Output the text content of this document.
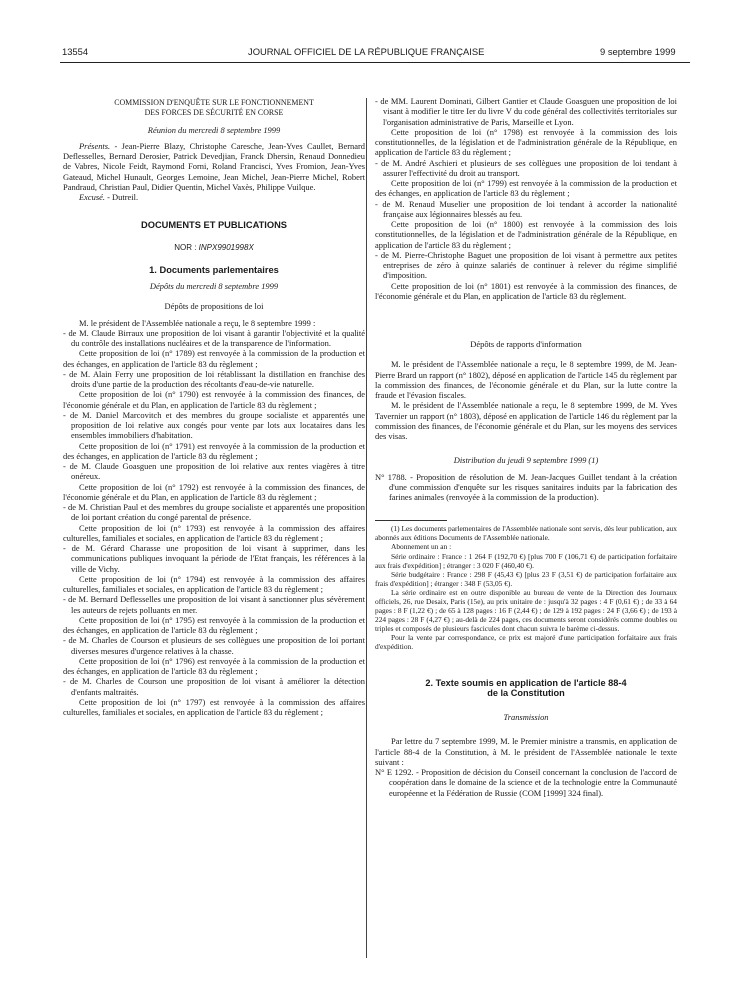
13554	JOURNAL OFFICIEL DE LA RÉPUBLIQUE FRANÇAISE	9 septembre 1999

COMMISSION D'ENQUÊTE SUR LE FONCTIONNEMENT

DES FORCES DE SÉCURITÉ EN CORSE

Réunion du mercredi 8 septembre 1999

Présents. - Jean-Pierre Blazy, Christophe Caresche, Jean-Yves Caullet, Bernard Deflesselles, Bernard Derosier, Patrick Devedjian, Franck Dhersin, Renaud Donnedieu de Vabres, Nicole Feidt, Raymond Forni, Roland Francisci, Yves Fromion, Jean-Yves Gateaud, Michel Hunault, Georges Lemoine, Jean Michel, Jean-Pierre Michel, Robert Pandraud, Christian Paul, Didier Quentin, Michel Vaxès, Philippe Vuilque.

Excusé. - Dutreil.

DOCUMENTS ET PUBLICATIONS

NOR : INPX9901998X

1. Documents parlementaires

Dépôts du mercredi 8 septembre 1999

Dépôts de propositions de loi

M. le président de l'Assemblée nationale a reçu, le 8 septembre 1999 :

- de M. Claude Birraux une proposition de loi visant à garantir l'objectivité et la qualité du contrôle des installations nucléaires et de la transparence de l'information.

Cette proposition de loi (n° 1789) est renvoyée à la commission de la production et des échanges, en application de l'article 83 du règlement ;

- de M. Alain Ferry une proposition de loi rétablissant la distillation en franchise des droits d'une partie de la production des récoltants d'eau-de-vie naturelle.

Cette proposition de loi (n° 1790) est renvoyée à la commission des finances, de l'économie générale et du Plan, en application de l'article 83 du règlement ;

- de M. Daniel Marcovitch et des membres du groupe socialiste et apparentés une proposition de loi relative aux congés pour vente par lots aux locataires dans les ensembles immobiliers d'habitation.

Cette proposition de loi (n° 1791) est renvoyée à la commission de la production et des échanges, en application de l'article 83 du règlement ;

- de M. Claude Goasguen une proposition de loi relative aux rentes viagères à titre onéreux.

Cette proposition de loi (n° 1792) est renvoyée à la commission des finances, de l'économie générale et du Plan, en application de l'article 83 du règlement ;

- de M. Christian Paul et des membres du groupe socialiste et apparentés une proposition de loi portant création du congé parental de présence.

Cette proposition de loi (n° 1793) est renvoyée à la commission des affaires culturelles, familiales et sociales, en application de l'article 83 du règlement ;

- de M. Gérard Charasse une proposition de loi visant à supprimer, dans les communications publiques invoquant la période de l'Etat français, les références à la ville de Vichy.

Cette proposition de loi (n° 1794) est renvoyée à la commission des affaires culturelles, familiales et sociales, en application de l'article 83 du règlement ;

- de M. Bernard Deflesselles une proposition de loi visant à sanctionner plus sévèrement les auteurs de rejets polluants en mer.

Cette proposition de loi (n° 1795) est renvoyée à la commission de la production et des échanges, en application de l'article 83 du règlement ;

- de M. Charles de Courson et plusieurs de ses collègues une proposition de loi portant diverses mesures d'urgence relatives à la chasse.

Cette proposition de loi (n° 1796) est renvoyée à la commission de la production et des échanges, en application de l'article 83 du règlement ;

- de M. Charles de Courson une proposition de loi visant à améliorer la détection d'enfants maltraités.

Cette proposition de loi (n° 1797) est renvoyée à la commission des affaires culturelles, familiales et sociales, en application de l'article 83 du règlement ;

- de MM. Laurent Dominati, Gilbert Gantier et Claude Goasguen une proposition de loi visant à modifier le titre Ier du livre V du code général des collectivités territoriales sur l'organisation administrative de Paris, Marseille et Lyon.

Cette proposition de loi (n° 1798) est renvoyée à la commission des lois constitutionnelles, de la législation et de l'administration générale de la République, en application de l'article 83 du règlement ;

- de M. André Aschieri et plusieurs de ses collègues une proposition de loi tendant à assurer l'effectivité du droit au transport.

Cette proposition de loi (n° 1799) est renvoyée à la commission de la production et des échanges, en application de l'article 83 du règlement ;

- de M. Renaud Muselier une proposition de loi tendant à accorder la nationalité française aux légionnaires blessés au feu.

Cette proposition de loi (n° 1800) est renvoyée à la commission des lois constitutionnelles, de la législation et de l'administration générale de la République, en application de l'article 83 du règlement ;

- de M. Pierre-Christophe Baguet une proposition de loi visant à permettre aux petites entreprises de zéro à quinze salariés de continuer à relever du régime simplifié d'imposition.

Cette proposition de loi (n° 1801) est renvoyée à la commission des finances, de l'économie générale et du Plan, en application de l'article 83 du règlement.

Dépôts de rapports d'information

M. le président de l'Assemblée nationale a reçu, le 8 septembre 1999, de M. Jean-Pierre Brard un rapport (n° 1802), déposé en application de l'article 145 du règlement par la commission des finances, de l'économie générale et du Plan, sur la lutte contre la fraude et l'évasion fiscales.

M. le président de l'Assemblée nationale a reçu, le 8 septembre 1999, de M. Yves Tavernier un rapport (n° 1803), déposé en application de l'article 146 du règlement par la commission des finances, de l'économie générale et du Plan, sur les moyens des services des visas.

Distribution du jeudi 9 septembre 1999 (1)

N° 1788. - Proposition de résolution de M. Jean-Jacques Guillet tendant à la création d'une commission d'enquête sur les risques sanitaires induits par la fabrication des farines animales (renvoyée à la commission de la production).

(1) Les documents parlementaires de l'Assemblée nationale sont servis, dès leur publication, aux abonnés aux éditions Documents de l'Assemblée nationale.

Abonnement un an :

Série ordinaire : France : 1 264 F (192,70 €) [plus 700 F (106,71 €) de participation forfaitaire aux frais d'expédition] ; étranger : 3 020 F (460,40 €).

Série budgétaire : France : 298 F (45,43 €) [plus 23 F (3,51 €) de participation forfaitaire aux frais d'expédition] ; étranger : 348 F (53,05 €).

La série ordinaire est en outre disponible au bureau de vente de la Direction des Journaux officiels, 26, rue Desaix, Paris (15e), au prix unitaire de : jusqu'à 32 pages : 4 F (0,61 €) ; de 33 à 64 pages : 8 F (1,22 €) ; de 65 à 128 pages : 16 F (2,44 €) ; de 129 à 192 pages : 24 F (3,66 €) ; de 193 à 224 pages : 28 F (4,27 €) ; au-delà de 224 pages, ces documents seront considérés comme doubles ou triples et composés de plusieurs fascicules dont chacun suivra le barème ci-dessus.

Pour la vente par correspondance, ce prix est majoré d'une participation forfaitaire aux frais d'expédition.

2. Texte soumis en application de l'article 88-4

de la Constitution

Transmission

Par lettre du 7 septembre 1999, M. le Premier ministre a transmis, en application de l'article 88-4 de la Constitution, à M. le président de l'Assemblée nationale le texte suivant :

N° E 1292. - Proposition de décision du Conseil concernant la conclusion de l'accord de coopération dans le domaine de la science et de la technologie entre la Communauté européenne et la Fédération de Russie (COM [1999] 324 final).
